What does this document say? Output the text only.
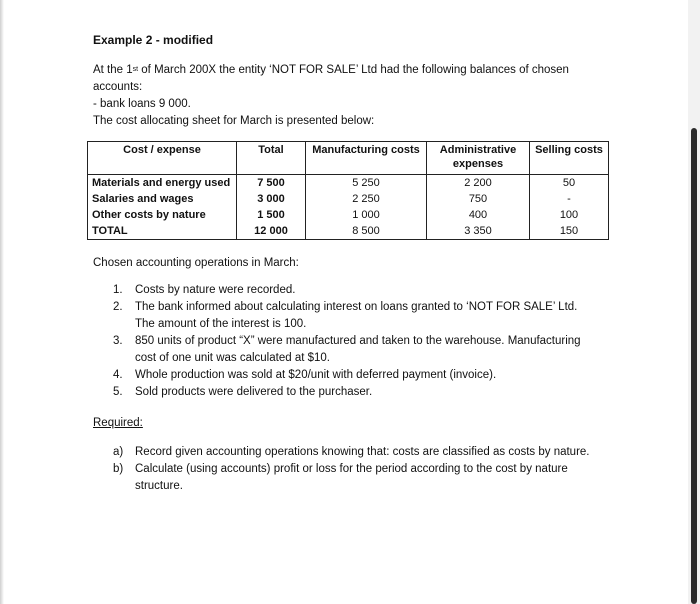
Example 2 - modified
At the 1st of March 200X the entity ‘NOT FOR SALE’ Ltd had the following balances of chosen
accounts:
- bank loans 9 000.
The cost allocating sheet for March is presented below:
Cost / expense	Total	Manufacturing costs	Administrative expenses	Selling costs
Materials and energy used	7 500	5 250	2 200	50
Salaries and wages	3 000	2 250	750	-
Other costs by nature	1 500	1 000	400	100
TOTAL	12 000	8 500	3 350	150
Chosen accounting operations in March:
1. Costs by nature were recorded.
2. The bank informed about calculating interest on loans granted to ‘NOT FOR SALE’ Ltd. The amount of the interest is 100.
3. 850 units of product “X” were manufactured and taken to the warehouse. Manufacturing cost of one unit was calculated at $10.
4. Whole production was sold at $20/unit with deferred payment (invoice).
5. Sold products were delivered to the purchaser.
Required:
a) Record given accounting operations knowing that: costs are classified as costs by nature.
b) Calculate (using accounts) profit or loss for the period according to the cost by nature structure.
